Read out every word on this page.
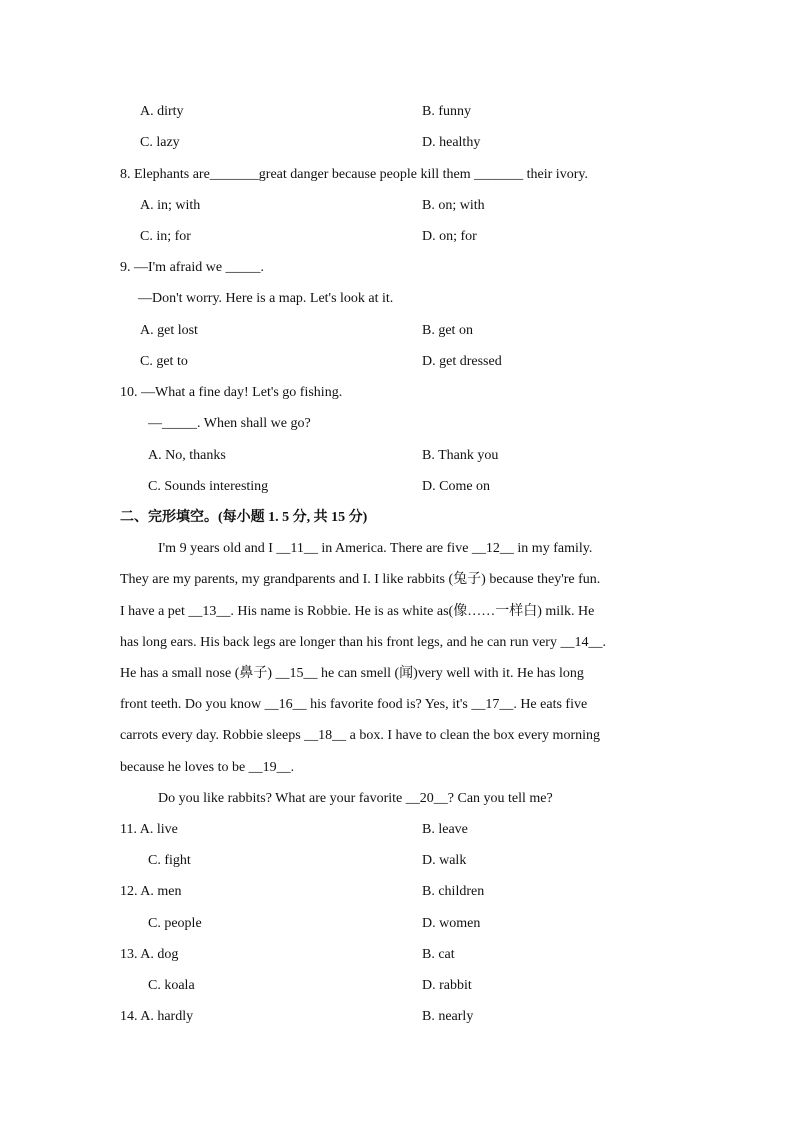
A. dirty	B. funny
C. lazy	D. healthy
8. Elephants are_______great danger because people kill them _______ their ivory.
A. in; with	B. on; with
C. in; for	D. on; for
9. —I'm afraid we _____.
—Don't worry. Here is a map. Let's look at it.
A. get lost	B. get on
C. get to	D. get dressed
10. —What a fine day! Let's go fishing.
—_____. When shall we go?
A. No, thanks	B. Thank you
C. Sounds interesting	D. Come on
二、完形填空。(每小题 1. 5 分, 共 15 分)
I'm 9 years old and I __11__ in America. There are five __12__ in my family.
They are my parents, my grandparents and I. I like rabbits (兔子) because they're fun.
I have a pet __13__. His name is Robbie. He is as white as(像……一样白) milk. He
has long ears. His back legs are longer than his front legs, and he can run very __14__.
He has a small nose (鼻子) __15__ he can smell (闻)very well with it. He has long
front teeth. Do you know __16__ his favorite food is? Yes, it's __17__. He eats five
carrots every day. Robbie sleeps __18__ a box. I have to clean the box every morning
because he loves to be __19__.
Do you like rabbits? What are your favorite __20__? Can you tell me?
11. A. live	B. leave
C. fight	D. walk
12. A. men	B. children
C. people	D. women
13. A. dog	B. cat
C. koala	D. rabbit
14. A. hardly	B. nearly
